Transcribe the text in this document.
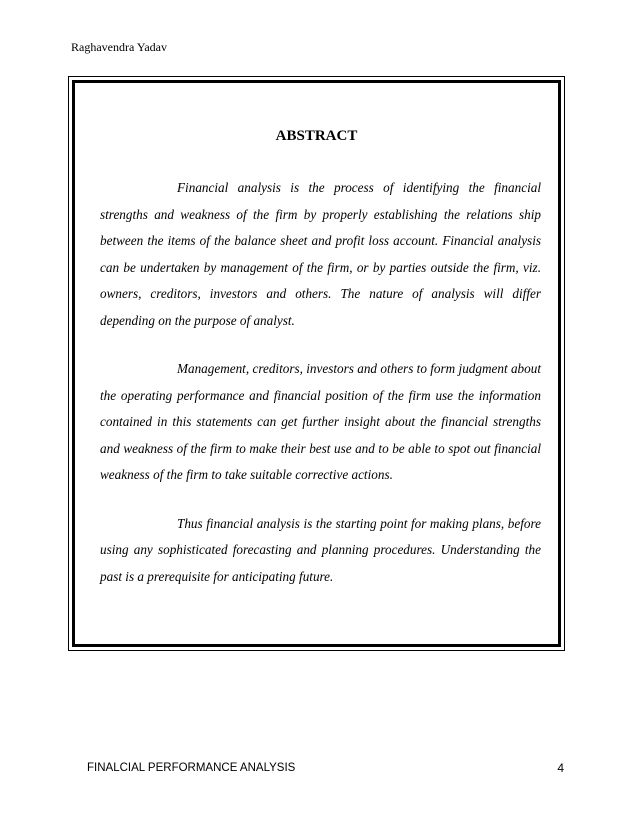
Raghavendra Yadav
ABSTRACT

Financial analysis is the process of identifying the financial strengths and weakness of the firm by properly establishing the relations ship between the items of the balance sheet and profit loss account. Financial analysis can be undertaken by management of the firm, or by parties outside the firm, viz. owners, creditors, investors and others. The nature of analysis will differ depending on the purpose of analyst.

Management, creditors, investors and others to form judgment about the operating performance and financial position of the firm use the information contained in this statements can get further insight about the financial strengths and weakness of the firm to make their best use and to be able to spot out financial weakness of the firm to take suitable corrective actions.

Thus financial analysis is the starting point for making plans, before using any sophisticated forecasting and planning procedures. Understanding the past is a prerequisite for anticipating future.

FINALCIAL PERFORMANCE ANALYSIS	4
